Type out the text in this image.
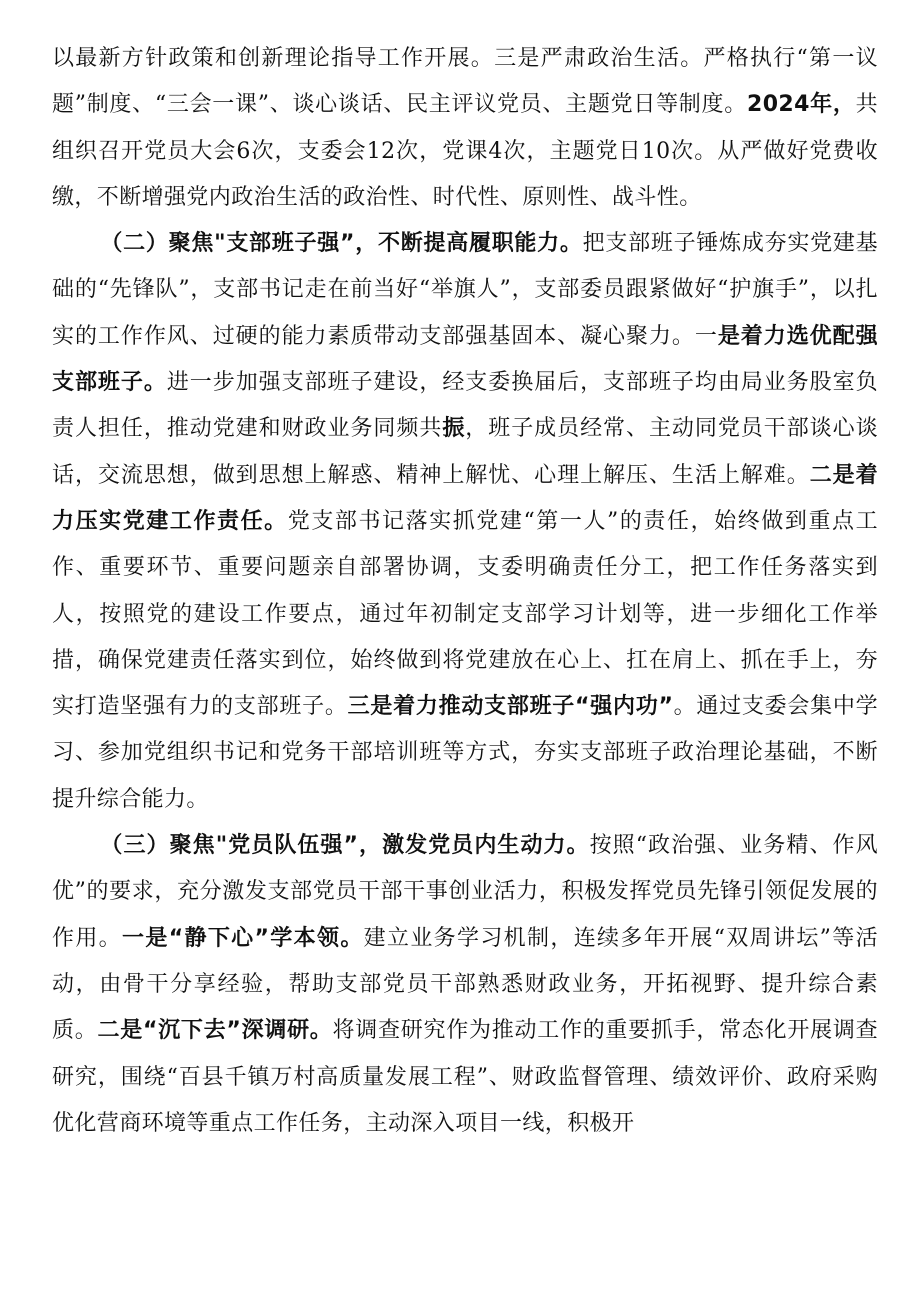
以最新方针政策和创新理论指导工作开展。三是严肃政治生活。严格执行“第一议题”制度、“三会一课”、谈心谈话、民主评议党员、主题党日等制度。2024年，共组织召开党员大会6次，支委会12次，党课4次，主题党日10次。从严做好党费收缴，不断增强党内政治生活的政治性、时代性、原则性、战斗性。

（二）聚焦"支部班子强”，不断提高履职能力。把支部班子锤炼成夯实党建基础的“先锋队”，支部书记走在前当好“举旗人”，支部委员跟紧做好“护旗手”，以扎实的工作作风、过硬的能力素质带动支部强基固本、凝心聚力。一是着力选优配强支部班子。进一步加强支部班子建设，经支委换届后，支部班子均由局业务股室负责人担任，推动党建和财政业务同频共振，班子成员经常、主动同党员干部谈心谈话，交流思想，做到思想上解惑、精神上解忧、心理上解压、生活上解难。二是着力压实党建工作责任。党支部书记落实抓党建“第一人”的责任，始终做到重点工作、重要环节、重要问题亲自部署协调，支委明确责任分工，把工作任务落实到人，按照党的建设工作要点，通过年初制定支部学习计划等，进一步细化工作举措，确保党建责任落实到位，始终做到将党建放在心上、扛在肩上、抓在手上，夯实打造坚强有力的支部班子。三是着力推动支部班子“强内功”。通过支委会集中学习、参加党组织书记和党务干部培训班等方式，夯实支部班子政治理论基础，不断提升综合能力。

（三）聚焦"党员队伍强”，激发党员内生动力。按照“政治强、业务精、作风优”的要求，充分激发支部党员干部干事创业活力，积极发挥党员先锋引领促发展的作用。一是“静下心”学本领。建立业务学习机制，连续多年开展“双周讲坛”等活动，由骨干分享经验，帮助支部党员干部熟悉财政业务，开拓视野、提升综合素质。二是“沉下去”深调研。将调查研究作为推动工作的重要抓手，常态化开展调查研究，围绕“百县千镇万村高质量发展工程”、财政监督管理、绩效评价、政府采购优化营商环境等重点工作任务，主动深入项目一线，积极开
